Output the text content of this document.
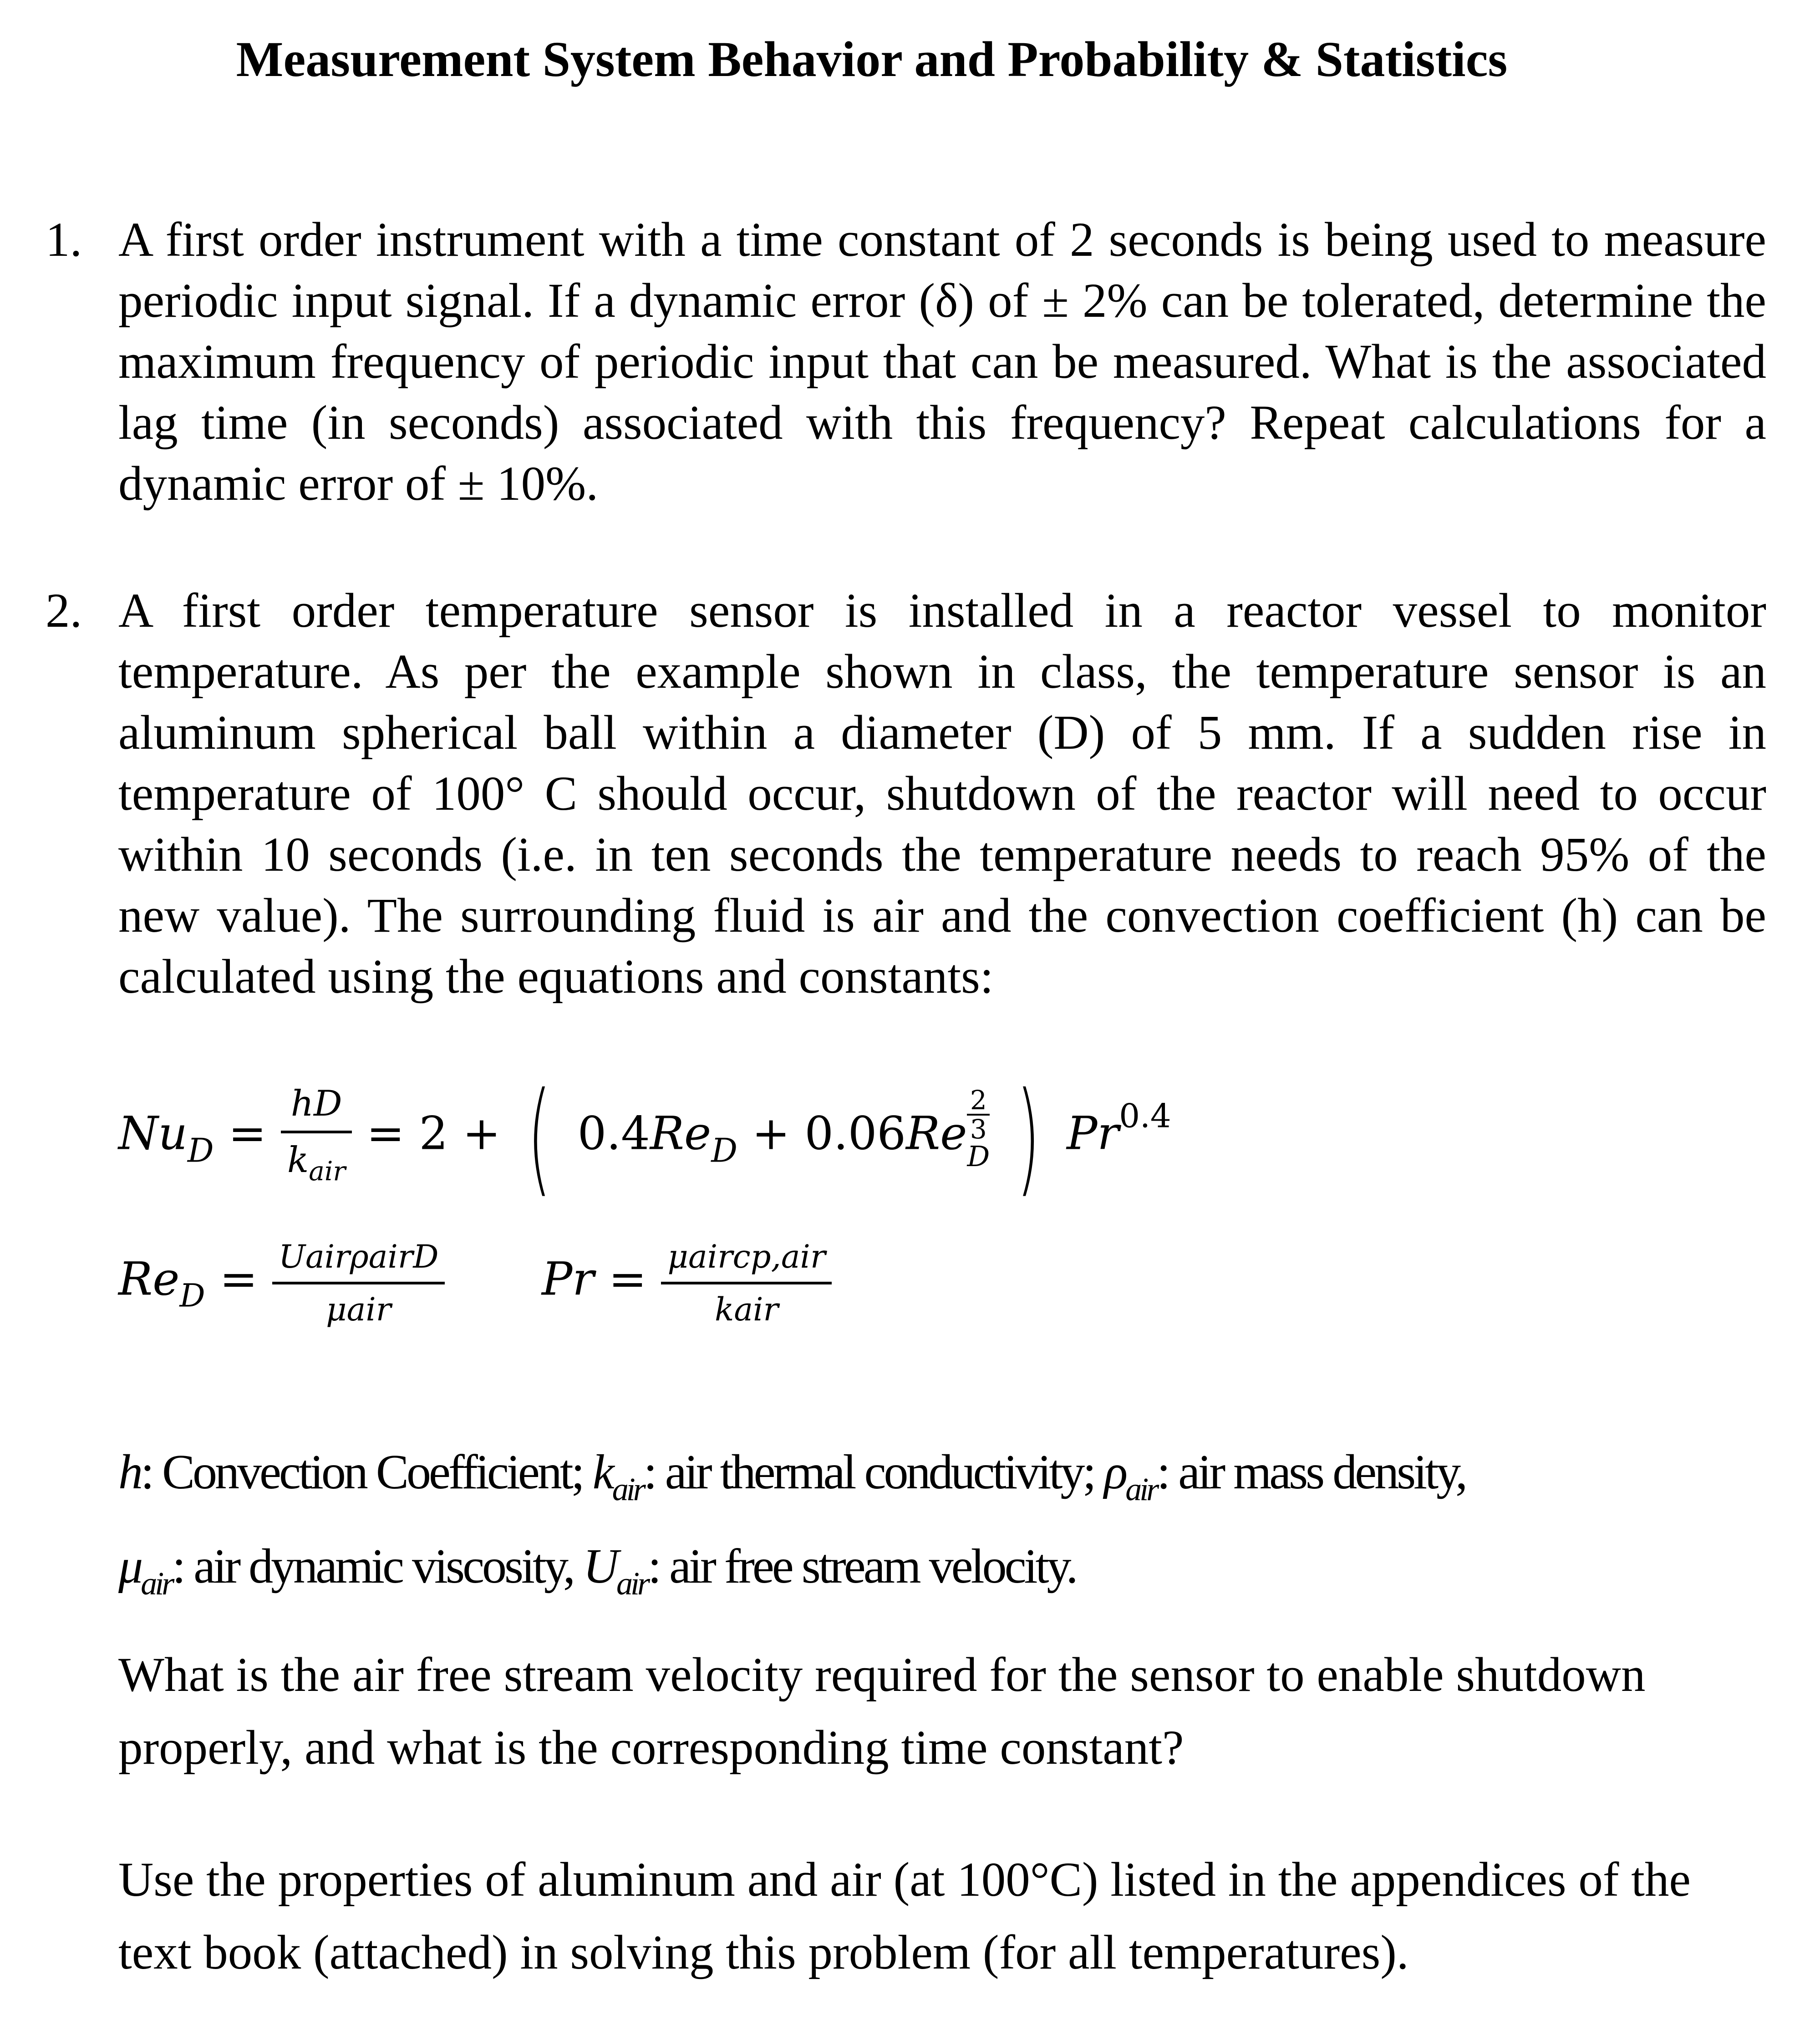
Measurement System Behavior and Probability & Statistics
1. A first order instrument with a time constant of 2 seconds is being used to measure periodic input signal. If a dynamic error (δ) of ± 2% can be tolerated, determine the maximum frequency of periodic input that can be measured. What is the associated lag time (in seconds) associated with this frequency? Repeat calculations for a dynamic error of ± 10%.
2. A first order temperature sensor is installed in a reactor vessel to monitor temperature. As per the example shown in class, the temperature sensor is an aluminum spherical ball within a diameter (D) of 5 mm. If a sudden rise in temperature of 100° C should occur, shutdown of the reactor will need to occur within 10 seconds (i.e. in ten seconds the temperature needs to reach 95% of the new value). The surrounding fluid is air and the convection coefficient (h) can be calculated using the equations and constants:
$Nu_D = \frac{hD}{k_{air}} = 2$ + ( $0.4Re_D + 0.06Re$
2
3
D ) $Pr^{0.4}$
$Re_D = \frac{\text{UairρairD}}{\text{μair}}$ $Pr = \frac{\text{μaircp,air}}{\text{kair}}$
h: Convection Coefficient; $k_{air}$: air thermal conductivity; $\rho_{air}$: air mass density,
$\mu_{air}$: air dynamic viscosity, $U_{air}$: air free stream velocity.
What is the air free stream velocity required for the sensor to enable shutdown properly, and what is the corresponding time constant?
Use the properties of aluminum and air (at 100°C) listed in the appendices of the text book (attached) in solving this problem (for all temperatures).
